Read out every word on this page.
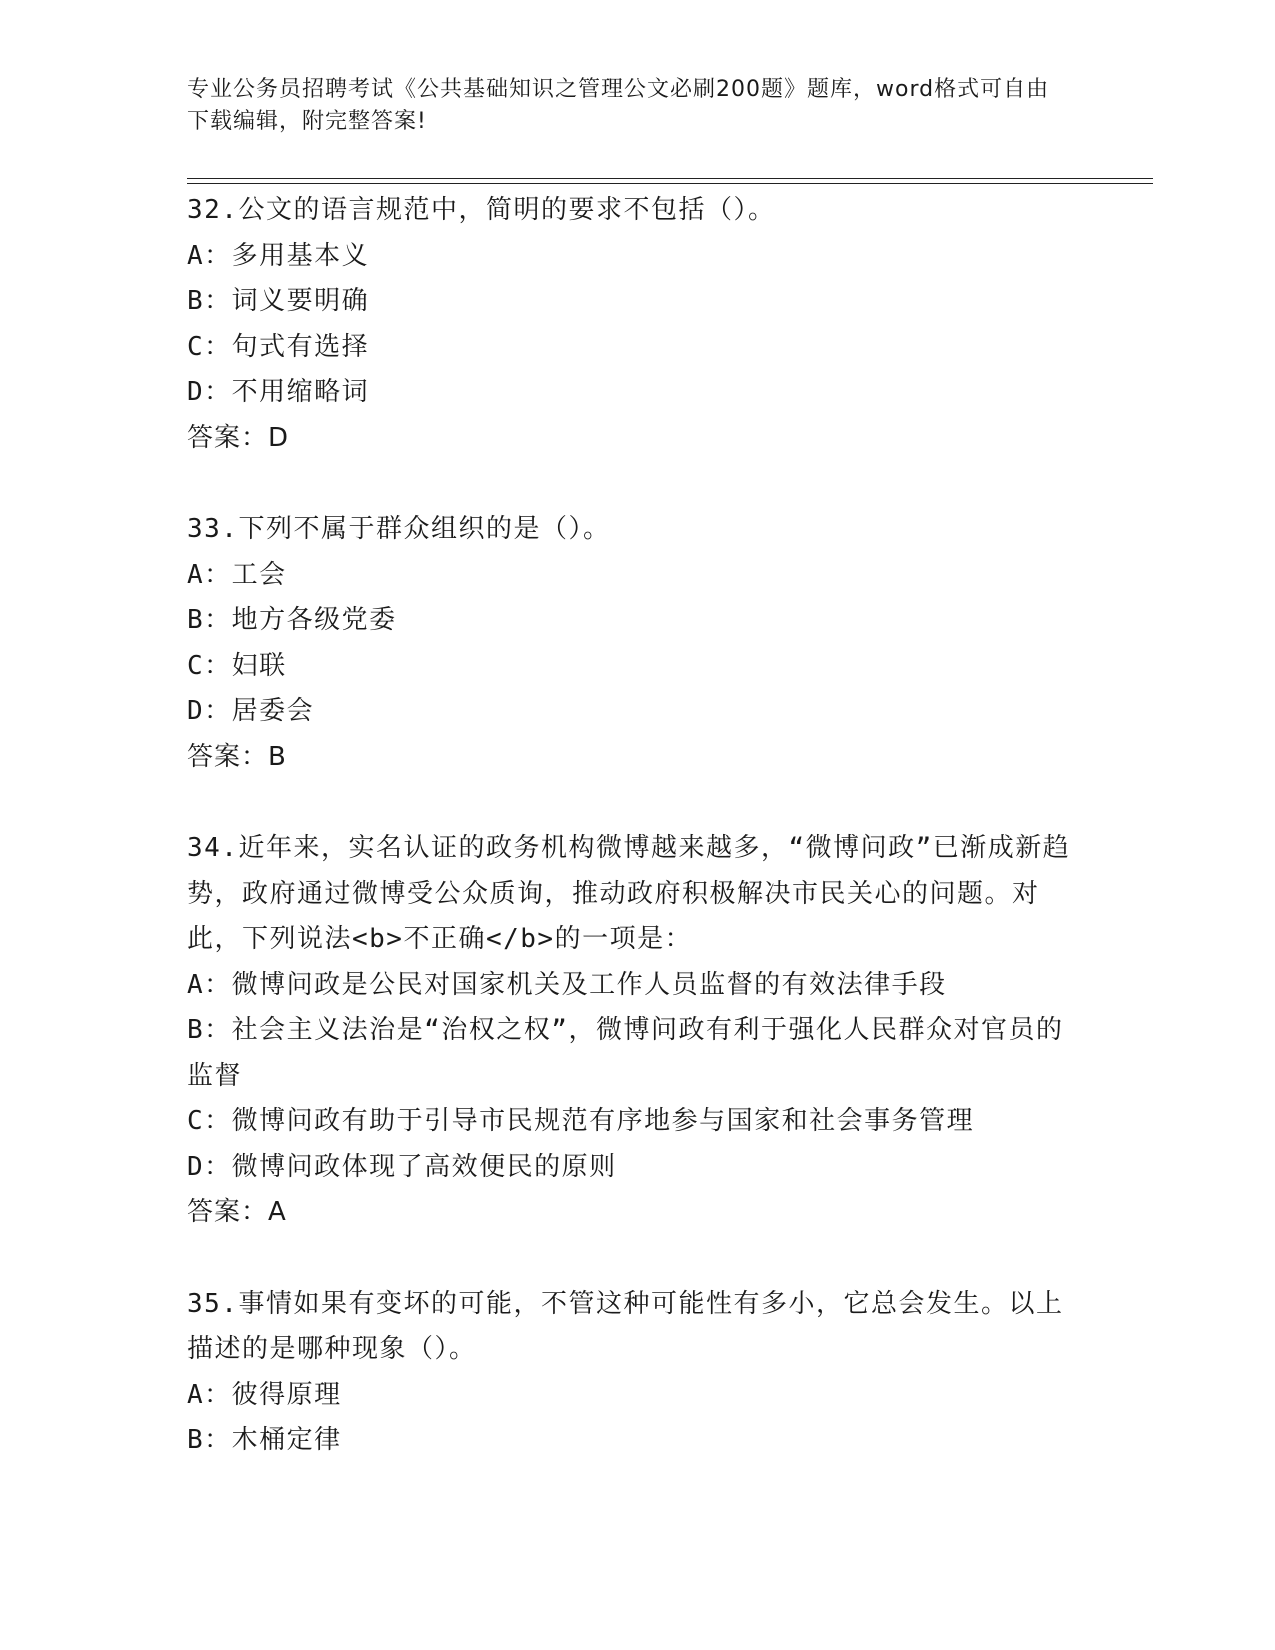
专业公务员招聘考试《公共基础知识之管理公文必刷200题》题库，word格式可自由下载编辑，附完整答案!

32.公文的语言规范中，简明的要求不包括（）。

A：多用基本义

B：词义要明确

C：句式有选择

D：不用缩略词

答案：D

33.下列不属于群众组织的是（）。

A：工会

B：地方各级党委

C：妇联

D：居委会

答案：B

34.近年来，实名认证的政务机构微博越来越多，“微博问政”已渐成新趋势，政府通过微博受公众质询，推动政府积极解决市民关心的问题。对此，下列说法<b>不正确</b>的一项是：

A：微博问政是公民对国家机关及工作人员监督的有效法律手段

B：社会主义法治是“治权之权”，微博问政有利于强化人民群众对官员的监督

C：微博问政有助于引导市民规范有序地参与国家和社会事务管理

D：微博问政体现了高效便民的原则

答案：A

35.事情如果有变坏的可能，不管这种可能性有多小，它总会发生。以上描述的是哪种现象（）。

A：彼得原理

B：木桶定律
